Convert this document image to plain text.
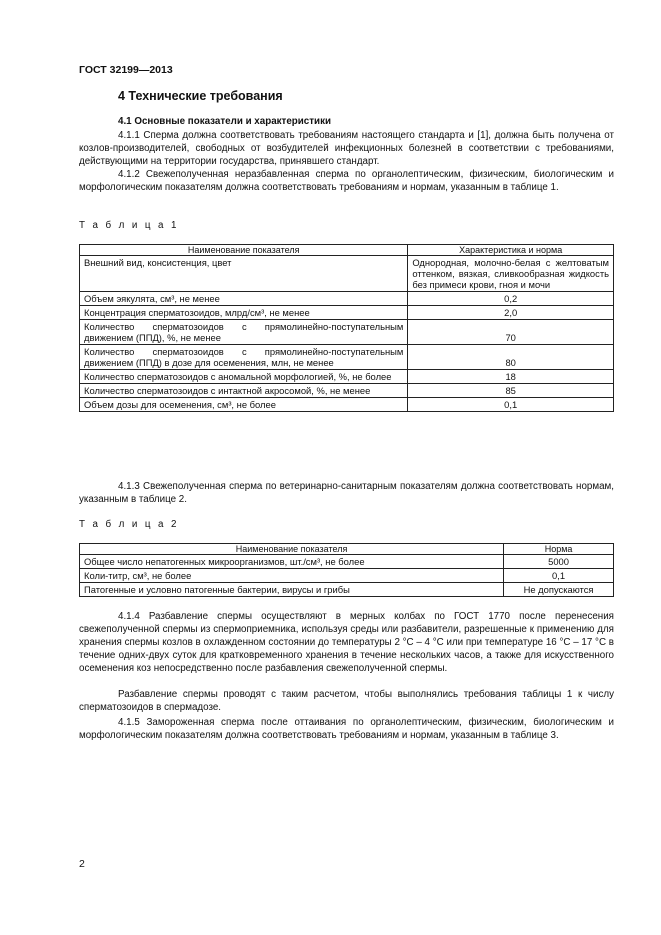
ГОСТ 32199—2013
4 Технические требования
4.1 Основные показатели и характеристики

4.1.1 Сперма должна соответствовать требованиям настоящего стандарта и [1], должна быть получена от козлов-производителей, свободных от возбудителей инфекционных болезней в соответствии с требованиями, действующими на территории государства, принявшего стандарт.

4.1.2 Свежеполученная неразбавленная сперма по органолептическим, физическим, биологическим и морфологическим показателям должна соответствовать требованиям и нормам, указанным в таблице 1.

Т а б л и ц а 1
Наименование показателя	Характеристика и норма
Внешний вид, консистенция, цвет	Однородная, молочно-белая с желтоватым оттенком, вязкая, сливкообразная жидкость без примеси крови, гноя и мочи
Объем эякулята, см³, не менее	0,2
Концентрация сперматозоидов, млрд/см³, не менее	2,0
Количество сперматозоидов с прямолинейно-поступательным движением (ППД), %, не менее	70
Количество сперматозоидов с прямолинейно-поступательным движением (ППД) в дозе для осеменения, млн, не менее	80
Количество сперматозоидов с аномальной морфологией, %, не более	18
Количество сперматозоидов с интактной акросомой, %, не менее	85
Объем дозы для осеменения, см³, не более	0,1

4.1.3 Свежеполученная сперма по ветеринарно-санитарным показателям должна соответствовать нормам, указанным в таблице 2.

Т а б л и ц а 2
Наименование показателя	Норма
Общее число непатогенных микроорганизмов, шт./см³, не более	5000
Коли-титр, см³, не более	0,1
Патогенные и условно патогенные бактерии, вирусы и грибы	Не допускаются

4.1.4 Разбавление спермы осуществляют в мерных колбах по ГОСТ 1770 после перенесения свежеполученной спермы из спермоприемника, используя среды или разбавители, разрешенные к применению для хранения спермы козлов в охлажденном состоянии до температуры 2 °С – 4 °С или при температуре 16 °С – 17 °С в течение одних-двух суток для кратковременного хранения в течение нескольких часов, а также для искусственного осеменения коз непосредственно после разбавления свежеполученной спермы.

Разбавление спермы проводят с таким расчетом, чтобы выполнялись требования таблицы 1 к числу сперматозоидов в спермадозе.

4.1.5 Замороженная сперма после оттаивания по органолептическим, физическим, биологическим и морфологическим показателям должна соответствовать требованиям и нормам, указанным в таблице 3.

2
